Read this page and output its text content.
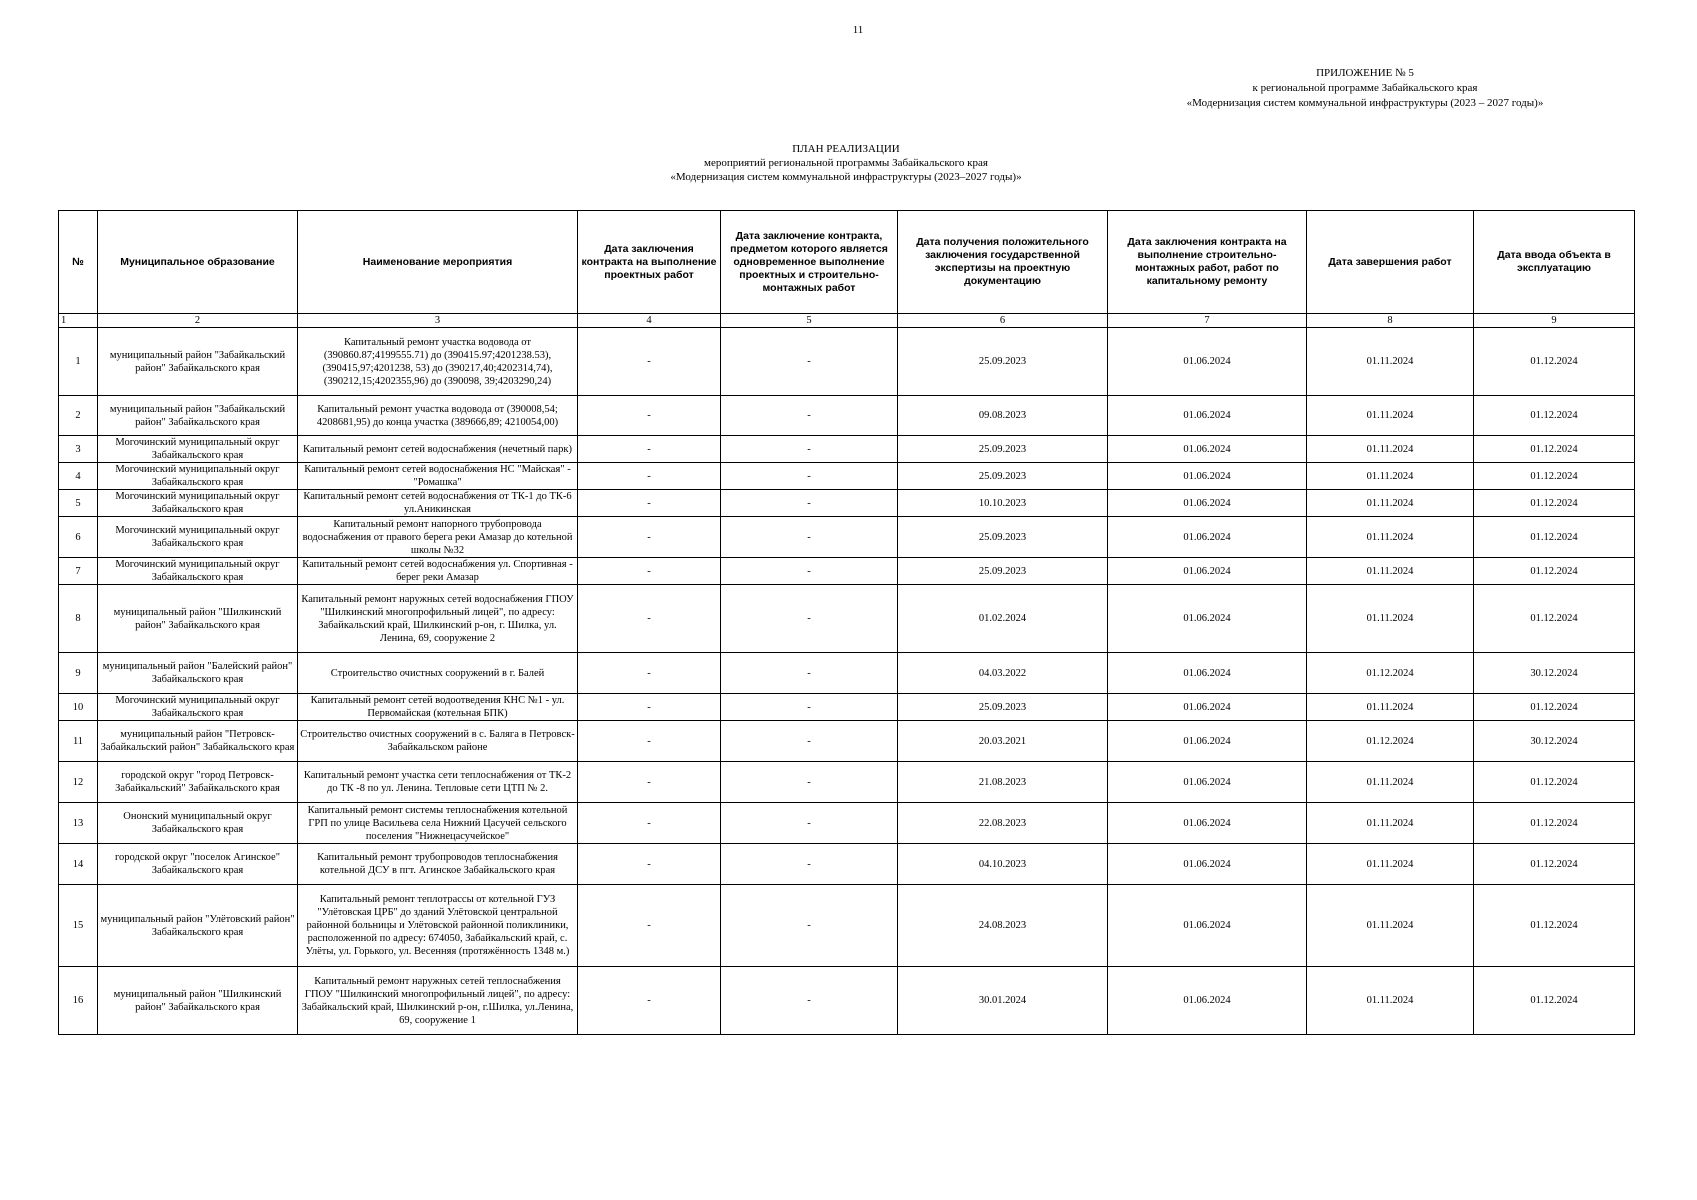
11
ПРИЛОЖЕНИЕ № 5
к региональной программе Забайкальского края
«Модернизация систем коммунальной инфраструктуры (2023 – 2027 годы)»
ПЛАН РЕАЛИЗАЦИИ
мероприятий региональной программы Забайкальского края
«Модернизация систем коммунальной инфраструктуры (2023–2027 годы)»
№	Муниципальное образование	Наименование мероприятия	Дата заключения контракта на выполнение проектных работ	Дата заключение контракта, предметом которого является одновременное выполнение проектных и строительно-монтажных работ	Дата получения положительного заключения государственной экспертизы на проектную документацию	Дата заключения контракта на выполнение строительно-монтажных работ, работ по капитальному ремонту	Дата завершения работ	Дата ввода объекта в эксплуатацию
1	2	3	4	5	6	7	8	9
1	муниципальный район "Забайкальский район" Забайкальского края	Капитальный ремонт участка водовода от (390860.87;4199555.71) до (390415.97;4201238.53), (390415,97;4201238, 53) до (390217,40;4202314,74), (390212,15;4202355,96) до (390098, 39;4203290,24)	-	-	25.09.2023	01.06.2024	01.11.2024	01.12.2024
2	муниципальный район "Забайкальский район" Забайкальского края	Капитальный ремонт участка водовода от (390008,54; 4208681,95) до конца участка (389666,89; 4210054,00)	-	-	09.08.2023	01.06.2024	01.11.2024	01.12.2024
3	Могочинский муниципальный округ Забайкальского края	Капитальный ремонт сетей водоснабжения (нечетный парк)	-	-	25.09.2023	01.06.2024	01.11.2024	01.12.2024
4	Могочинский муниципальный округ Забайкальского края	Капитальный ремонт сетей водоснабжения НС "Майская" - "Ромашка"	-	-	25.09.2023	01.06.2024	01.11.2024	01.12.2024
5	Могочинский муниципальный округ Забайкальского края	Капитальный ремонт сетей водоснабжения от ТК-1 до ТК-6 ул.Аникинская	-	-	10.10.2023	01.06.2024	01.11.2024	01.12.2024
6	Могочинский муниципальный округ Забайкальского края	Капитальный ремонт напорного трубопровода водоснабжения от правого берега реки Амазар до котельной школы №32	-	-	25.09.2023	01.06.2024	01.11.2024	01.12.2024
7	Могочинский муниципальный округ Забайкальского края	Капитальный ремонт сетей водоснабжения ул. Спортивная - берег реки Амазар	-	-	25.09.2023	01.06.2024	01.11.2024	01.12.2024
8	муниципальный район "Шилкинский район" Забайкальского края	Капитальный ремонт наружных сетей водоснабжения ГПОУ "Шилкинский многопрофильный лицей", по адресу: Забайкальский край, Шилкинский р-он, г. Шилка, ул. Ленина, 69, сооружение 2	-	-	01.02.2024	01.06.2024	01.11.2024	01.12.2024
9	муниципальный район "Балейский район" Забайкальского края	Строительство очистных сооружений в г. Балей	-	-	04.03.2022	01.06.2024	01.12.2024	30.12.2024
10	Могочинский муниципальный округ Забайкальского края	Капитальный ремонт сетей водоотведения КНС №1 - ул. Первомайская (котельная БПК)	-	-	25.09.2023	01.06.2024	01.11.2024	01.12.2024
11	муниципальный район "Петровск-Забайкальский район" Забайкальского края	Строительство очистных сооружений в с. Баляга в Петровск-Забайкальском районе	-	-	20.03.2021	01.06.2024	01.12.2024	30.12.2024
12	городской округ "город Петровск-Забайкальский" Забайкальского края	Капитальный ремонт участка сети теплоснабжения от ТК-2 до ТК -8 по ул. Ленина. Тепловые сети ЦТП № 2.	-	-	21.08.2023	01.06.2024	01.11.2024	01.12.2024
13	Ононский муниципальный округ Забайкальского края	Капитальный ремонт системы теплоснабжения котельной ГРП по улице Васильева села Нижний Цасучей сельского поселения "Нижнецасучейское"	-	-	22.08.2023	01.06.2024	01.11.2024	01.12.2024
14	городской округ "поселок Агинское" Забайкальского края	Капитальный ремонт трубопроводов теплоснабжения котельной ДСУ в пгт. Агинское Забайкальского края	-	-	04.10.2023	01.06.2024	01.11.2024	01.12.2024
15	муниципальный район "Улётовский район" Забайкальского края	Капитальный ремонт теплотрассы от котельной ГУЗ "Улётовская ЦРБ" до зданий Улётовской центральной районной больницы и Улётовской районной поликлиники, расположенной по адресу: 674050, Забайкальский край, с. Улёты, ул. Горького, ул. Весенняя (протяжённость 1348 м.)	-	-	24.08.2023	01.06.2024	01.11.2024	01.12.2024
16	муниципальный район "Шилкинский район" Забайкальского края	Капитальный ремонт наружных сетей теплоснабжения ГПОУ "Шилкинский многопрофильный лицей", по адресу: Забайкальский край, Шилкинский р-он, г.Шилка, ул.Ленина, 69, сооружение 1	-	-	30.01.2024	01.06.2024	01.11.2024	01.12.2024
